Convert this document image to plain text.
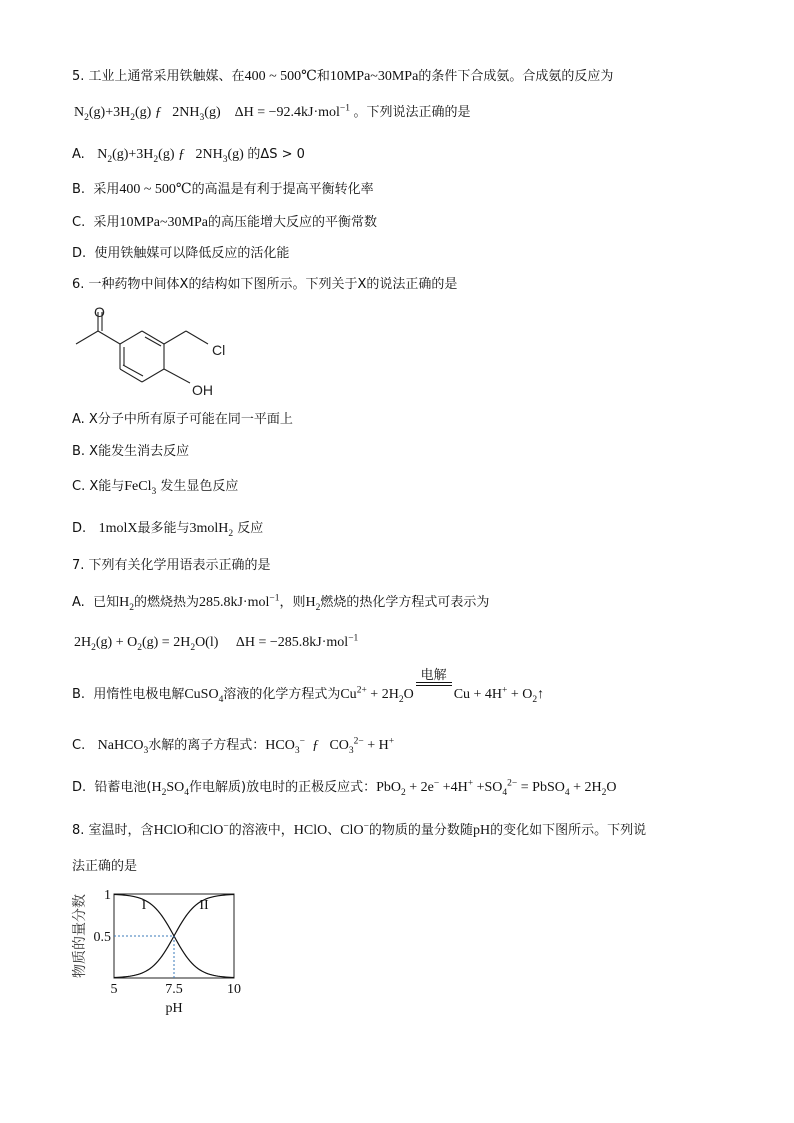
5. 工业上通常采用铁触媒、在400 ~ 500℃和10MPa~30MPa的条件下合成氨。合成氨的反应为
$N_2(g)+3H_2(g)$ ƒ $2NH_3(g) \Delta H = -92.4kJ\cdot mol^{-1}$ 。下列说法正确的是
A. $N_2(g)+3H_2(g)$ ƒ $2NH_3(g)$ 的ΔS > 0
B. 采用400 ~ 500℃的高温是有利于提高平衡转化率
C. 采用10MPa~30MPa的高压能增大反应的平衡常数
D. 使用铁触媒可以降低反应的活化能
6. 一种药物中间体X的结构如下图所示。下列关于X的说法正确的是
O
Cl
OH
A. X分子中所有原子可能在同一平面上
B. X能发生消去反应
C. X能与FeCl$_3$ 发生显色反应
D. 1molX最多能与3molH$_2$ 反应
7. 下列有关化学用语表示正确的是
A. 已知$H_2$的燃烧热为285.8kJ·mol$^{-1}$，则$H_2$燃烧的热化学方程式可表示为
$2H_2(g) + O_2(g) = 2H_2O(l) \Delta H = -285.8kJ\cdot mol^{-1}$
B. 用惰性电极电解CuSO$_4$溶液的化学方程式为$Cu^{2+} + 2H_2O$
电解
$Cu + 4H^+ + O_2↑$
C. NaHCO$_3$水解的离子方程式：$HCO_3^-$ ƒ $CO_3^{2-} + H^+$
D. 铅蓄电池($H_2SO_4$作电解质)放电时的正极反应式：$PbO_2 + 2e^- +4H^+ +SO_4^{2-}$ = PbSO$_4$ + $2H_2O$
8. 室温时，含HClO和ClO−的溶液中，HClO、ClO−的物质的量分数随pH的变化如下图所示。下列说
法正确的是
物质的量分数
pH
I	II
5	7.5	10
1
0.5
